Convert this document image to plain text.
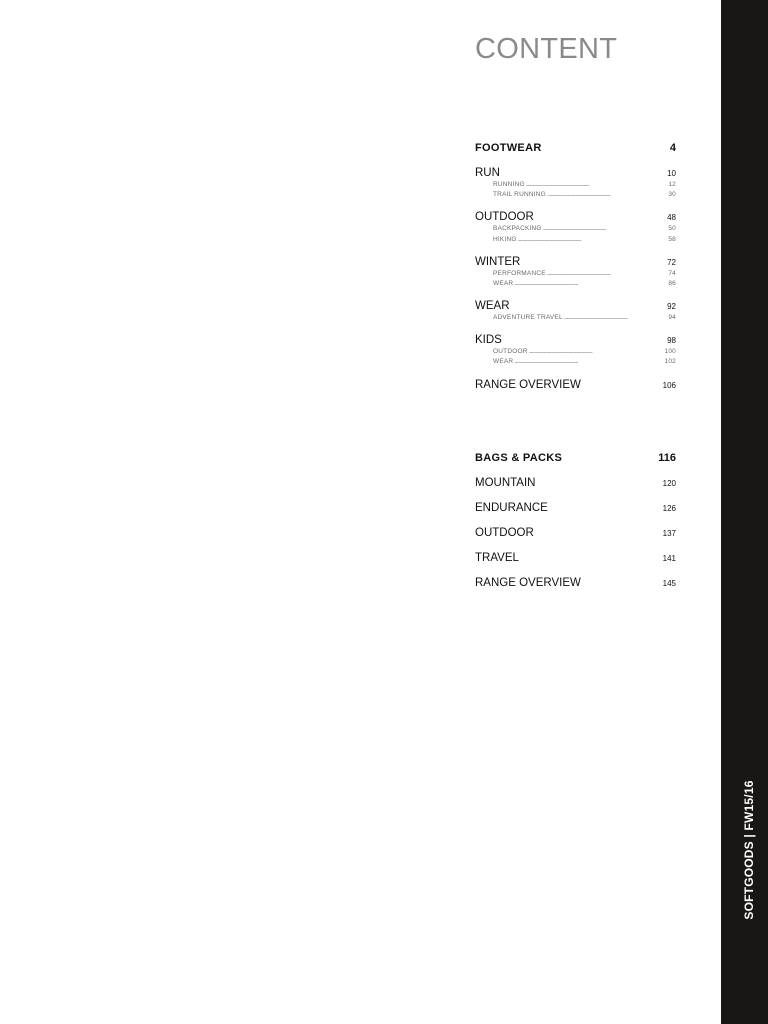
SOFTGOODS | FW15/16
CONTENT
FOOTWEAR	4
RUN	10
RUNNING . . .	12
TRAIL RUNNING . . .	30
OUTDOOR	48
BACKPACKING . . .	50
HIKING . . .	58
WINTER	72
PERFORMANCE . . .	74
WEAR . . .	86
WEAR	92
ADVENTURE TRAVEL . . .	94
KIDS	98
OUTDOOR . . .	100
WEAR . . .	102
RANGE OVERVIEW	106
BAGS & PACKS	116
MOUNTAIN	120
ENDURANCE	126
OUTDOOR	137
TRAVEL	141
RANGE OVERVIEW	145
